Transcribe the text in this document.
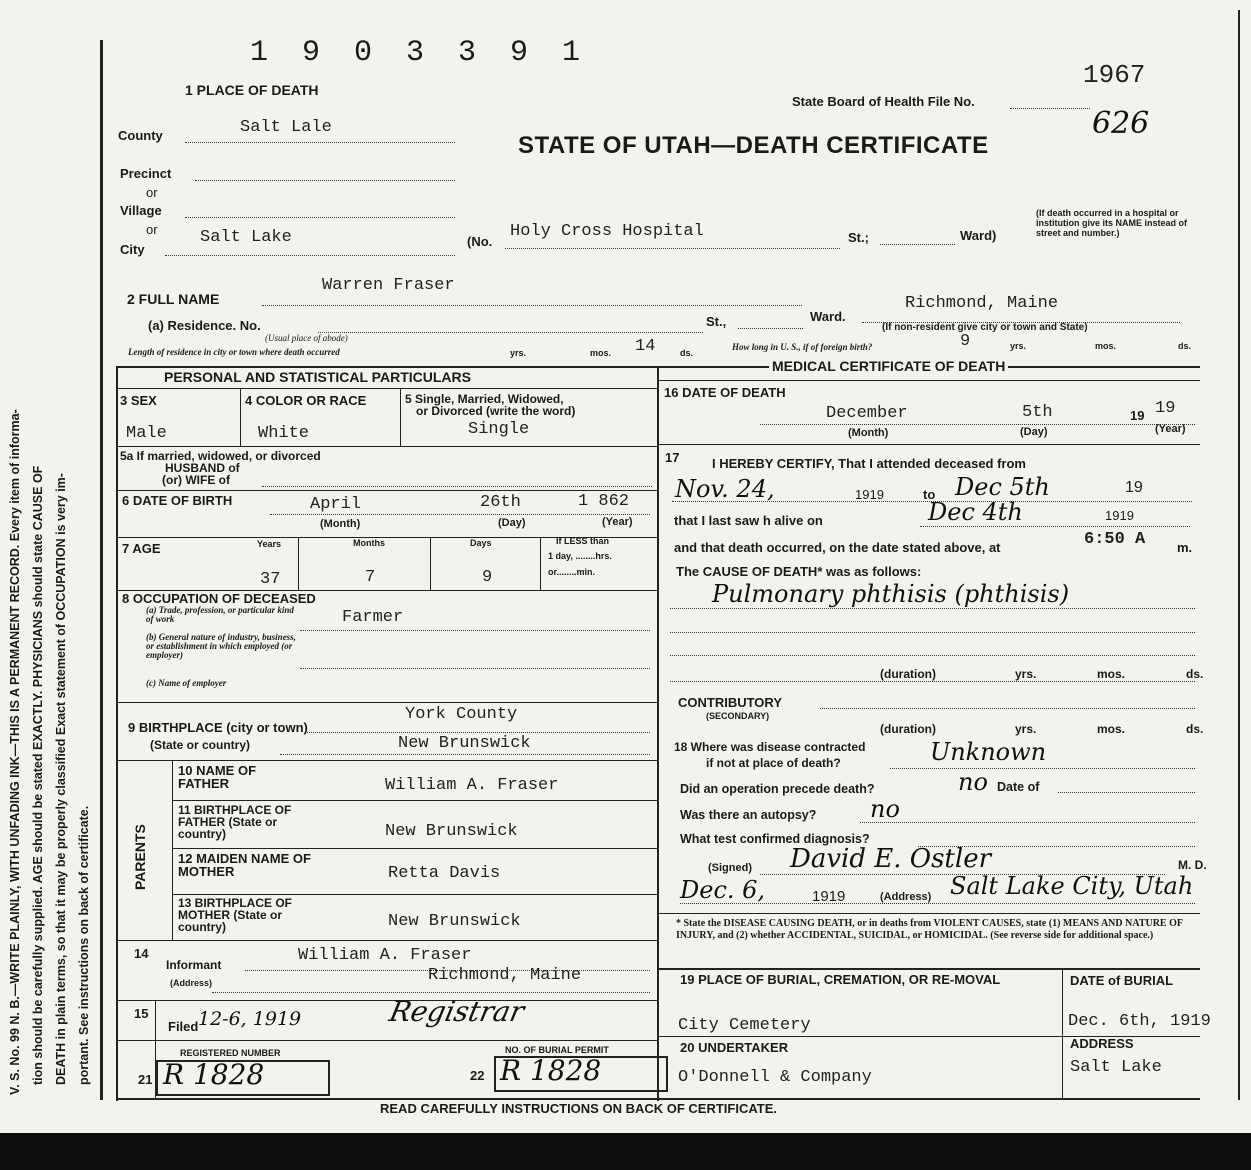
V. S. No. 99 N. B.—WRITE PLAINLY, WITH UNFADING INK—THIS IS A PERMANENT RECORD. Every item of informa- tion should be carefully supplied. AGE should be stated EXACTLY. PHYSICIANS should state CAUSE OF DEATH in plain terms, so that it may be properly classified Exact statement of OCCUPATION is very im- portant. See instructions on back of certificate.
1 9 0 3 3 9 1
1 PLACE OF DEATH
State Board of Health File No.
1967
626
STATE OF UTAH—DEATH CERTIFICATE
County	Salt Lale
Precinct
or
Village
or
City
Salt Lake	(No.
Holy Cross Hospital	St.;	Ward)
(If death occurred in a hospital or institution give its NAME instead of street and number.)
2 FULL NAME
Warren Fraser
(a) Residence. No.
(Usual place of abode)
St.,	Ward.
Richmond, Maine
(If non-resident give city or town and State)
Length of residence in city or town where death occurred	yrs.	mos. 14	ds.
How long in U. S., if of foreign birth?	9	yrs.	mos.	ds.
PERSONAL AND STATISTICAL PARTICULARS
3 SEX
Male
4 COLOR OR RACE
White
5 Single, Married, Widowed,
or Divorced (write the word)
Single
5a If married, widowed, or divorced
HUSBAND of
(or) WIFE of
6 DATE OF BIRTH	April	26th	1 862
(Month)	(Day)	(Year)
7 AGE	Years	Months	Days	If LESS than
1 day, ........hrs.
or........min.
37	7	9
8 OCCUPATION OF DECEASED
(a) Trade, profession, or particular kind of work	Farmer
(b) General nature of industry, business, or establishment in which employed (or employer)
(c) Name of employer
9 BIRTHPLACE (city or town)
York County
(State or country)	New Brunswick
PARENTS
10 NAME OF FATHER	William A. Fraser
11 BIRTHPLACE OF FATHER (State or country)	New Brunswick
12 MAIDEN NAME OF MOTHER	Retta Davis
13 BIRTHPLACE OF MOTHER (State or country)	New Brunswick
14
Informant	William A. Fraser
(Address)	Richmond, Maine
15
Filed 12-6, 1919	Registrar
REGISTERED NUMBER	NO. OF BURIAL PERMIT
21 R 1828	22 R 1828
MEDICAL CERTIFICATE OF DEATH
16 DATE OF DEATH
December	5th	19 19
(Month)	(Day)	(Year)
17	I HEREBY CERTIFY, That I attended deceased from
Nov. 24,	1919	to Dec 5th	19
that I last saw h alive on	Dec 4th	1919
and that death occurred, on the date stated above, at	6:50 A m.
The CAUSE OF DEATH* was as follows:
Pulmonary phthisis (phthisis)
(duration)	yrs.	mos.	ds.
CONTRIBUTORY
(SECONDARY)
(duration)	yrs.	mos.	ds.
18 Where was disease contracted
if not at place of death?	Unknown
Did an operation precede death?	no Date of
Was there an autopsy? no
What test confirmed diagnosis?
(Signed) David E. Ostler	M. D.
Dec. 6,	1919	(Address) Salt Lake City, Utah
* State the DISEASE CAUSING DEATH, or in deaths from VIOLENT CAUSES, state (1) MEANS AND NATURE OF INJURY, and (2) whether ACCIDENTAL, SUICIDAL, or HOMICIDAL. (See reverse side for additional space.)
19 PLACE OF BURIAL, CREMATION, OR RE-MOVAL
City Cemetery
DATE of BURIAL
Dec. 6th, 1919
20 UNDERTAKER	ADDRESS
O'Donnell & Company
Salt Lake
READ CAREFULLY INSTRUCTIONS ON BACK OF CERTIFICATE.
